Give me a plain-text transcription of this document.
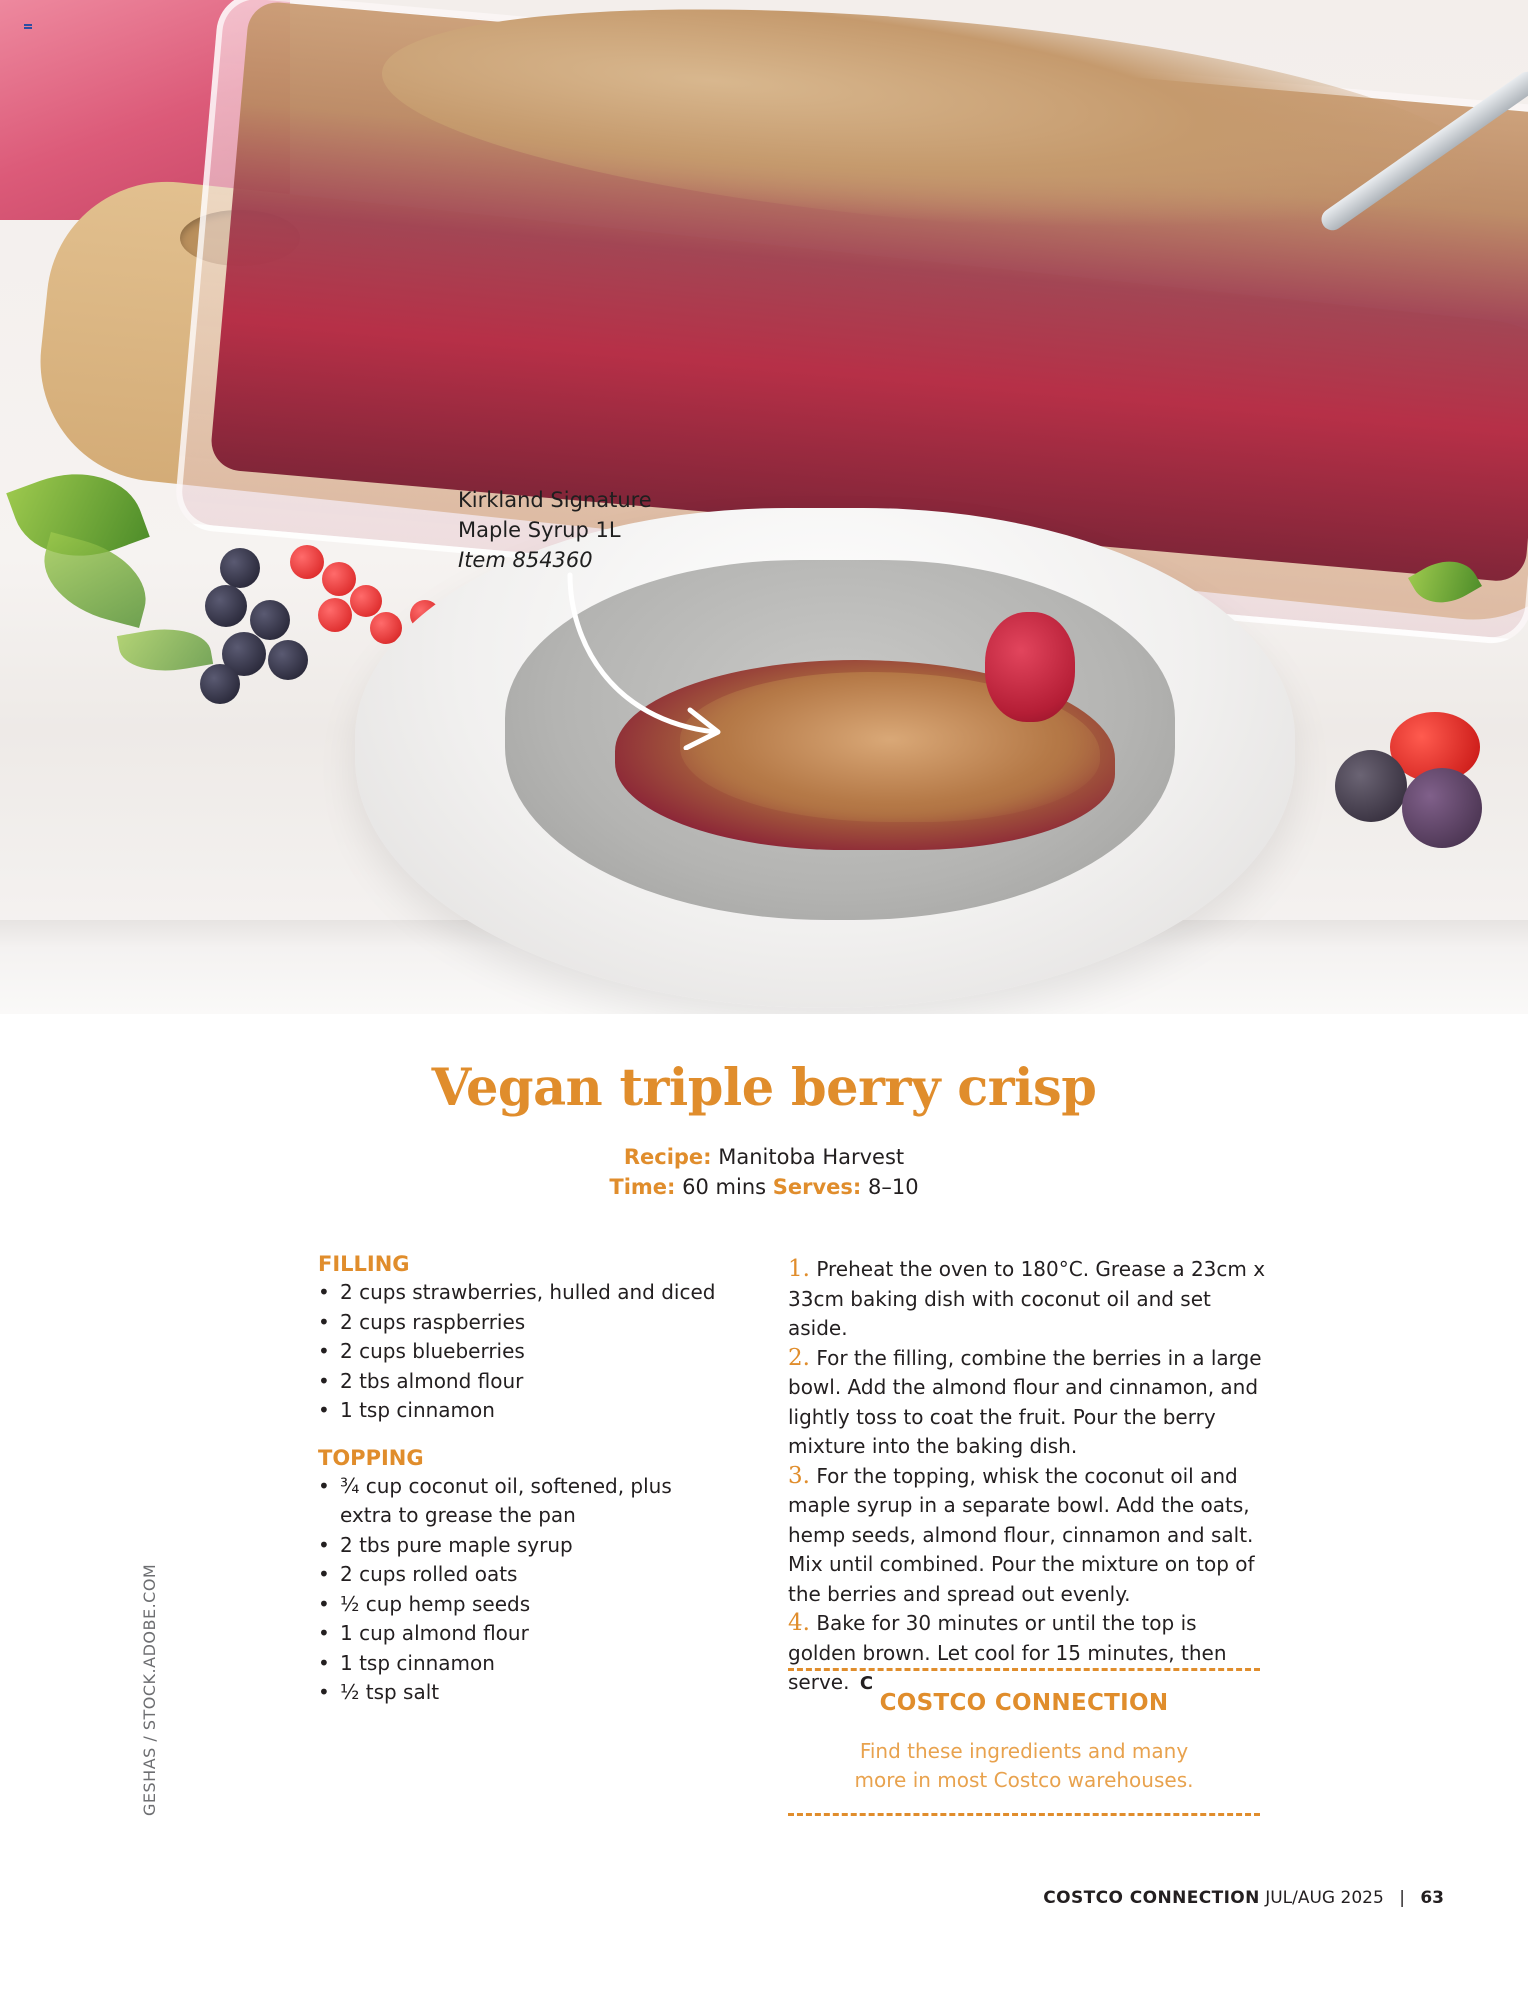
Kirkland Signature
Maple Syrup 1L
Item 854360
Vegan triple berry crisp
Recipe: Manitoba Harvest
Time: 60 mins Serves: 8–10
FILLING
• 2 cups strawberries, hulled and diced
• 2 cups raspberries
• 2 cups blueberries
• 2 tbs almond flour
• 1 tsp cinnamon
TOPPING
• ¾ cup coconut oil, softened, plus extra to grease the pan
• 2 tbs pure maple syrup
• 2 cups rolled oats
• ½ cup hemp seeds
• 1 cup almond flour
• 1 tsp cinnamon
• ½ tsp salt

1. Preheat the oven to 180°C. Grease a 23cm x 33cm baking dish with coconut oil and set aside.

2. For the filling, combine the berries in a large bowl. Add the almond flour and cinnamon, and lightly toss to coat the fruit. Pour the berry mixture into the baking dish.

3. For the topping, whisk the coconut oil and maple syrup in a separate bowl. Add the oats, hemp seeds, almond flour, cinnamon and salt. Mix until combined. Pour the mixture on top of the berries and spread out evenly.

4. Bake for 30 minutes or until the top is golden brown. Let cool for 15 minutes, then serve. C

COSTCO CONNECTION
Find these ingredients and many
more in most Costco warehouses.
GESHAS / STOCK.ADOBE.COM
COSTCO CONNECTION JUL/AUG 2025 | 63
